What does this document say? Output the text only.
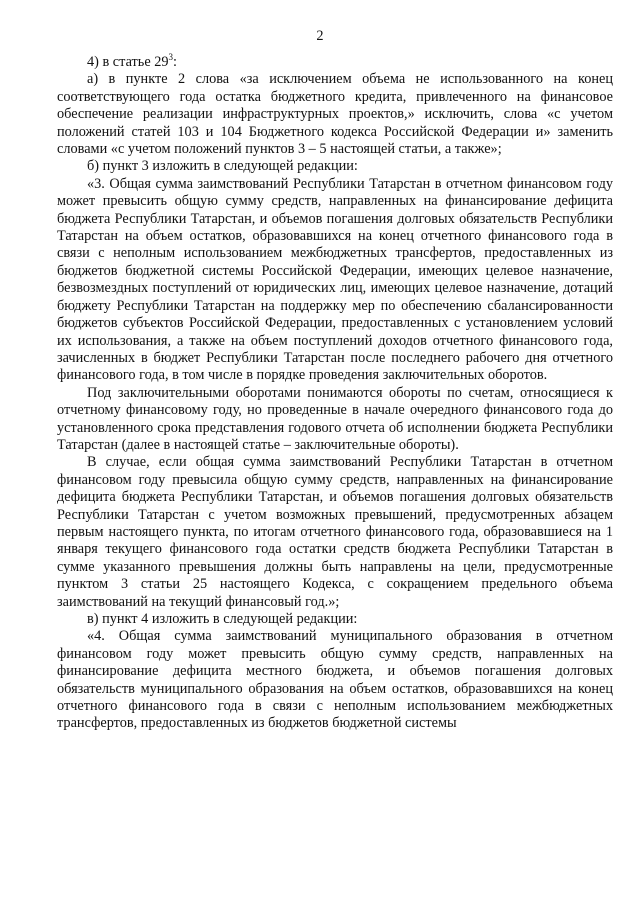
2

4) в статье $29^3$:

а) в пункте 2 слова «за исключением объема не использованного на конец соответствующего года остатка бюджетного кредита, привлеченного на финансовое обеспечение реализации инфраструктурных проектов,» исключить, слова «с учетом положений статей 103 и 104 Бюджетного кодекса Российской Федерации и» заменить словами «с учетом положений пунктов 3 – 5 настоящей статьи, а также»;

б) пункт 3 изложить в следующей редакции:

«3. Общая сумма заимствований Республики Татарстан в отчетном финансовом году может превысить общую сумму средств, направленных на финансирование дефицита бюджета Республики Татарстан, и объемов погашения долговых обязательств Республики Татарстан на объем остатков, образовавшихся на конец отчетного финансового года в связи с неполным использованием межбюджетных трансфертов, предоставленных из бюджетов бюджетной системы Российской Федерации, имеющих целевое назначение, безвозмездных поступлений от юридических лиц, имеющих целевое назначение, дотаций бюджету Республики Татарстан на поддержку мер по обеспечению сбалансированности бюджетов субъектов Российской Федерации, предоставленных с установлением условий их использования, а также на объем поступлений доходов отчетного финансового года, зачисленных в бюджет Республики Татарстан после последнего рабочего дня отчетного финансового года, в том числе в порядке проведения заключительных оборотов.

Под заключительными оборотами понимаются обороты по счетам, относящиеся к отчетному финансовому году, но проведенные в начале очередного финансового года до установленного срока представления годового отчета об исполнении бюджета Республики Татарстан (далее в настоящей статье – заключительные обороты).

В случае, если общая сумма заимствований Республики Татарстан в отчетном финансовом году превысила общую сумму средств, направленных на финансирование дефицита бюджета Республики Татарстан, и объемов погашения долговых обязательств Республики Татарстан с учетом возможных превышений, предусмотренных абзацем первым настоящего пункта, по итогам отчетного финансового года, образовавшиеся на 1 января текущего финансового года остатки средств бюджета Республики Татарстан в сумме указанного превышения должны быть направлены на цели, предусмотренные пунктом 3 статьи 25 настоящего Кодекса, с сокращением предельного объема заимствований на текущий финансовый год.»;

в) пункт 4 изложить в следующей редакции:

«4. Общая сумма заимствований муниципального образования в отчетном финансовом году может превысить общую сумму средств, направленных на финансирование дефицита местного бюджета, и объемов погашения долговых обязательств муниципального образования на объем остатков, образовавшихся на конец отчетного финансового года в связи с неполным использованием межбюджетных трансфертов, предоставленных из бюджетов бюджетной системы
